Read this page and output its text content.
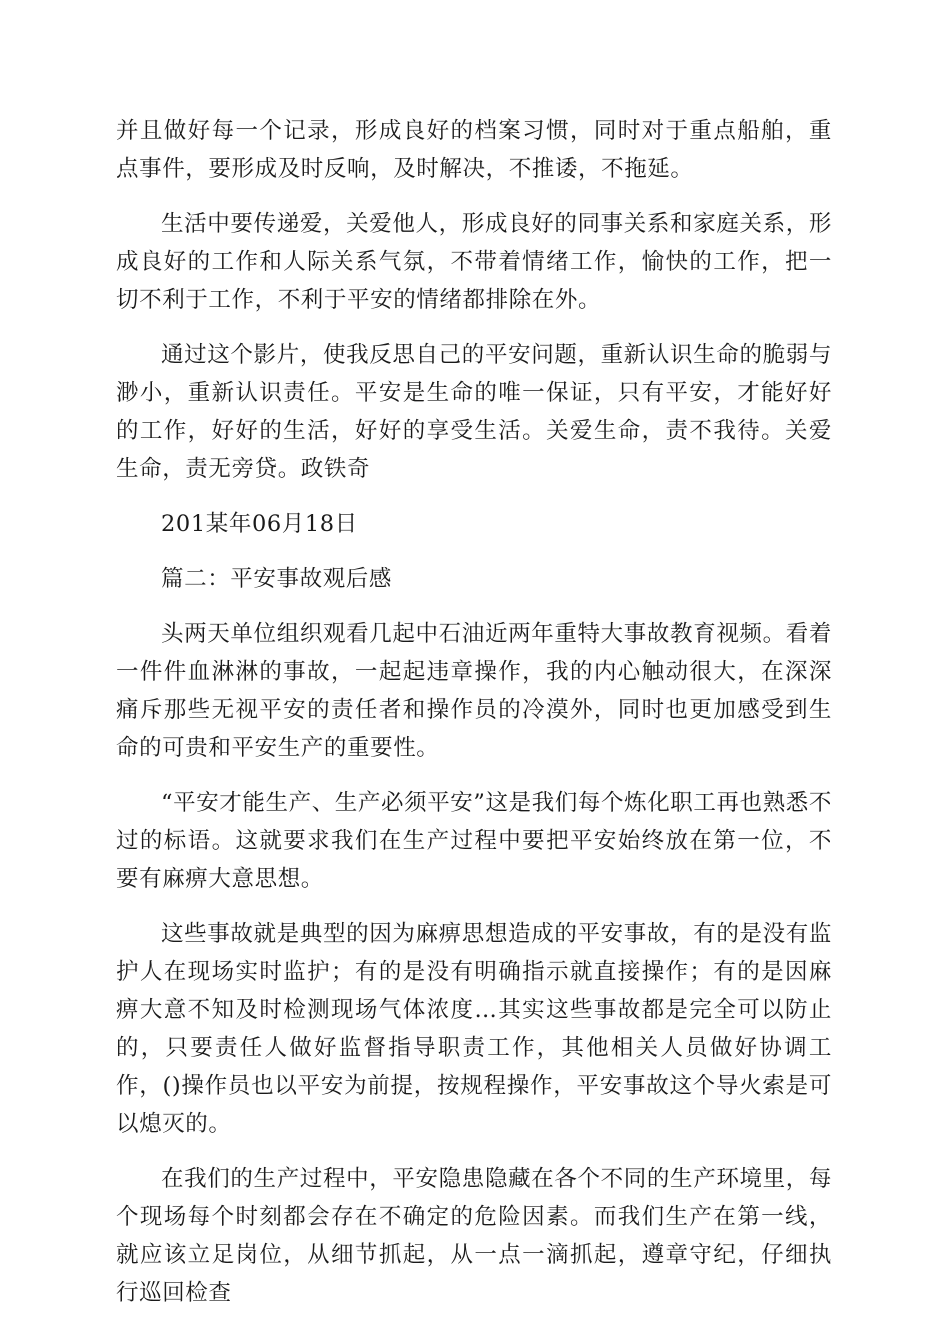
并且做好每一个记录，形成良好的档案习惯，同时对于重点船舶，重点事件，要形成及时反响，及时解决，不推诿，不拖延。

生活中要传递爱，关爱他人，形成良好的同事关系和家庭关系，形成良好的工作和人际关系气氛，不带着情绪工作，愉快的工作，把一切不利于工作，不利于平安的情绪都排除在外。

通过这个影片，使我反思自己的平安问题，重新认识生命的脆弱与渺小，重新认识责任。平安是生命的唯一保证，只有平安，才能好好的工作，好好的生活，好好的享受生活。关爱生命，责不我待。关爱生命，责无旁贷。政铁奇

201某年06月18日

篇二：平安事故观后感

头两天单位组织观看几起中石油近两年重特大事故教育视频。看着一件件血淋淋的事故，一起起违章操作，我的内心触动很大，在深深痛斥那些无视平安的责任者和操作员的冷漠外，同时也更加感受到生命的可贵和平安生产的重要性。

“平安才能生产、生产必须平安”这是我们每个炼化职工再也熟悉不过的标语。这就要求我们在生产过程中要把平安始终放在第一位，不要有麻痹大意思想。

这些事故就是典型的因为麻痹思想造成的平安事故，有的是没有监护人在现场实时监护；有的是没有明确指示就直接操作；有的是因麻痹大意不知及时检测现场气体浓度…其实这些事故都是完全可以防止的，只要责任人做好监督指导职责工作，其他相关人员做好协调工作，()操作员也以平安为前提，按规程操作，平安事故这个导火索是可以熄灭的。

在我们的生产过程中，平安隐患隐藏在各个不同的生产环境里，每个现场每个时刻都会存在不确定的危险因素。而我们生产在第一线，就应该立足岗位，从细节抓起，从一点一滴抓起，遵章守纪，仔细执行巡回检查
